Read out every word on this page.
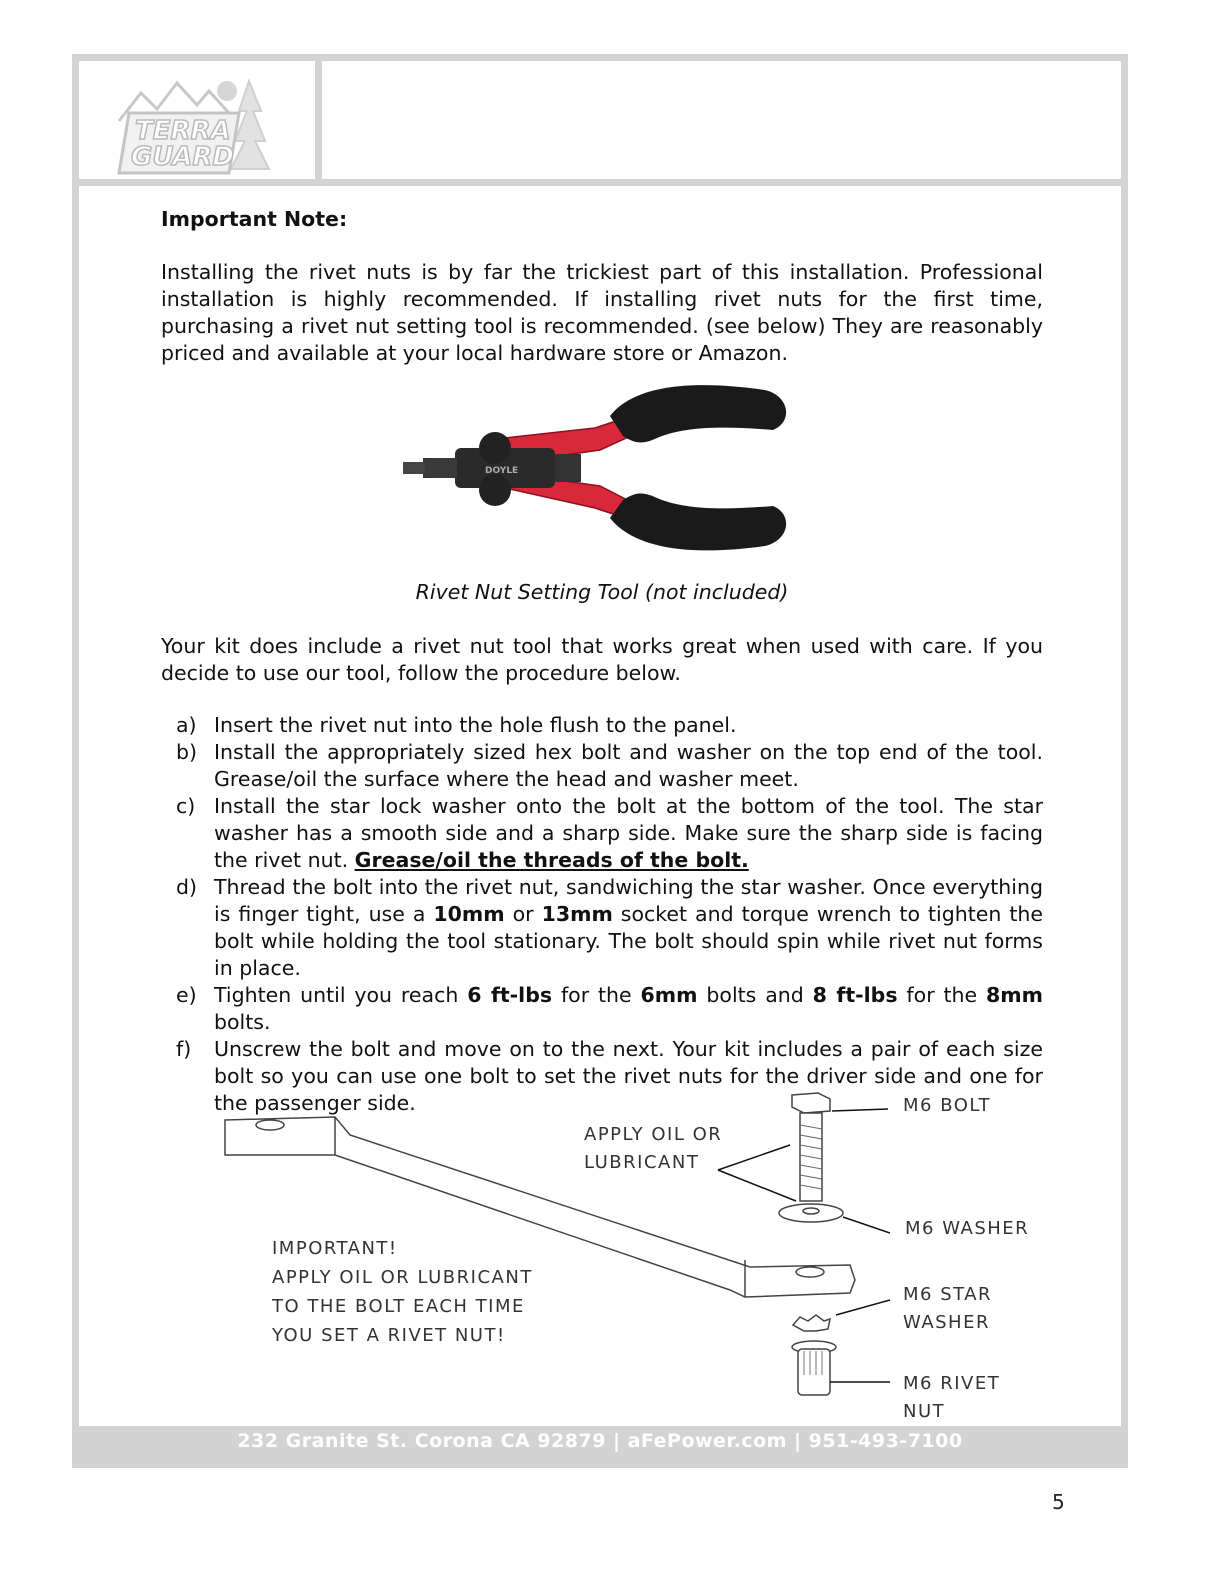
TERRA
GUARD
Important Note:
Installing the rivet nuts is by far the trickiest part of this installation. Professional installation is highly recommended. If installing rivet nuts for the first time, purchasing a rivet nut setting tool is recommended. (see below) They are reasonably priced and available at your local hardware store or Amazon.
DOYLE
Rivet Nut Setting Tool (not included)
Your kit does include a rivet nut tool that works great when used with care. If you decide to use our tool, follow the procedure below.
a) Insert the rivet nut into the hole flush to the panel.
b) Install the appropriately sized hex bolt and washer on the top end of the tool. Grease/oil the surface where the head and washer meet.
c) Install the star lock washer onto the bolt at the bottom of the tool. The star washer has a smooth side and a sharp side. Make sure the sharp side is facing the rivet nut. Grease/oil the threads of the bolt.
d) Thread the bolt into the rivet nut, sandwiching the star washer. Once everything is finger tight, use a 10mm or 13mm socket and torque wrench to tighten the bolt while holding the tool stationary. The bolt should spin while rivet nut forms in place.
e) Tighten until you reach 6 ft-lbs for the 6mm bolts and 8 ft-lbs for the 8mm bolts.
f)	Unscrew the bolt and move on to the next. Your kit includes a pair of each size bolt so you can use one bolt to set the rivet nuts for the driver side and one for the passenger side.
APPLY OIL OR
LUBRICANT
IMPORTANT!
APPLY OIL OR LUBRICANT
TO THE BOLT EACH TIME
YOU SET A RIVET NUT!
M6 BOLT
M6 WASHER
M6 STAR
WASHER
M6 RIVET
NUT
232 Granite St. Corona CA 92879 | aFePower.com | 951-493-7100
5
